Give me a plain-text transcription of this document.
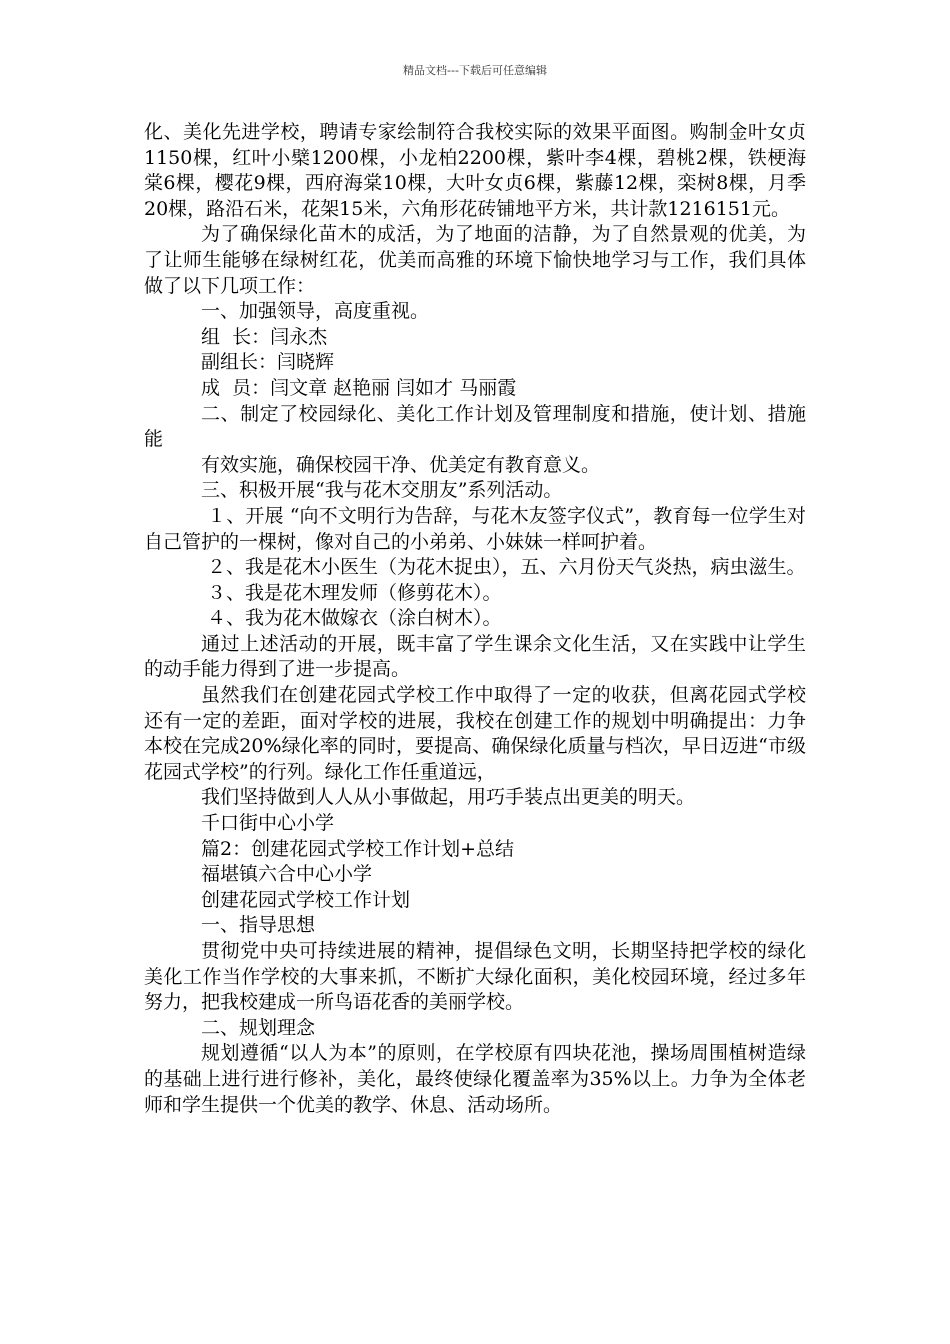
精品文档---下载后可任意编辑

化、美化先进学校，聘请专家绘制符合我校实际的效果平面图。购制金叶女贞1150棵，红叶小檗1200棵，小龙柏2200棵，紫叶李4棵，碧桃2棵，铁梗海棠6棵，樱花9棵，西府海棠10棵，大叶女贞6棵，紫藤12棵，栾树8棵，月季20棵，路沿石米，花架15米，六角形花砖铺地平方米，共计款1216151元。

为了确保绿化苗木的成活，为了地面的洁静，为了自然景观的优美，为了让师生能够在绿树红花，优美而高雅的环境下愉快地学习与工作，我们具体做了以下几项工作：

一、加强领导，高度重视。

组  长：闫永杰

副组长：闫晓辉

成  员：闫文章 赵艳丽 闫如才 马丽霞

二、制定了校园绿化、美化工作计划及管理制度和措施，使计划、措施能

有效实施，确保校园干净、优美定有教育意义。

三、积极开展“我与花木交朋友”系列活动。

１、开展 “向不文明行为告辞，与花木友签字仪式”，教育每一位学生对自己管护的一棵树，像对自己的小弟弟、小妹妹一样呵护着。

２、我是花木小医生（为花木捉虫），五、六月份天气炎热，病虫滋生。

３、我是花木理发师（修剪花木）。

４、我为花木做嫁衣（涂白树木）。

通过上述活动的开展，既丰富了学生课余文化生活，又在实践中让学生的动手能力得到了进一步提高。

虽然我们在创建花园式学校工作中取得了一定的收获，但离花园式学校还有一定的差距，面对学校的进展，我校在创建工作的规划中明确提出：力争本校在完成20%绿化率的同时，要提高、确保绿化质量与档次，早日迈进“市级花园式学校”的行列。绿化工作任重道远，

我们坚持做到人人从小事做起，用巧手装点出更美的明天。

千口街中心小学

篇2：创建花园式学校工作计划+总结

福堪镇六合中心小学

创建花园式学校工作计划

一、指导思想

贯彻党中央可持续进展的精神，提倡绿色文明，长期坚持把学校的绿化美化工作当作学校的大事来抓，不断扩大绿化面积，美化校园环境，经过多年努力，把我校建成一所鸟语花香的美丽学校。

二、规划理念

规划遵循“以人为本”的原则，在学校原有四块花池，操场周围植树造绿的基础上进行进行修补，美化，最终使绿化覆盖率为35%以上。力争为全体老师和学生提供一个优美的教学、休息、活动场所。
